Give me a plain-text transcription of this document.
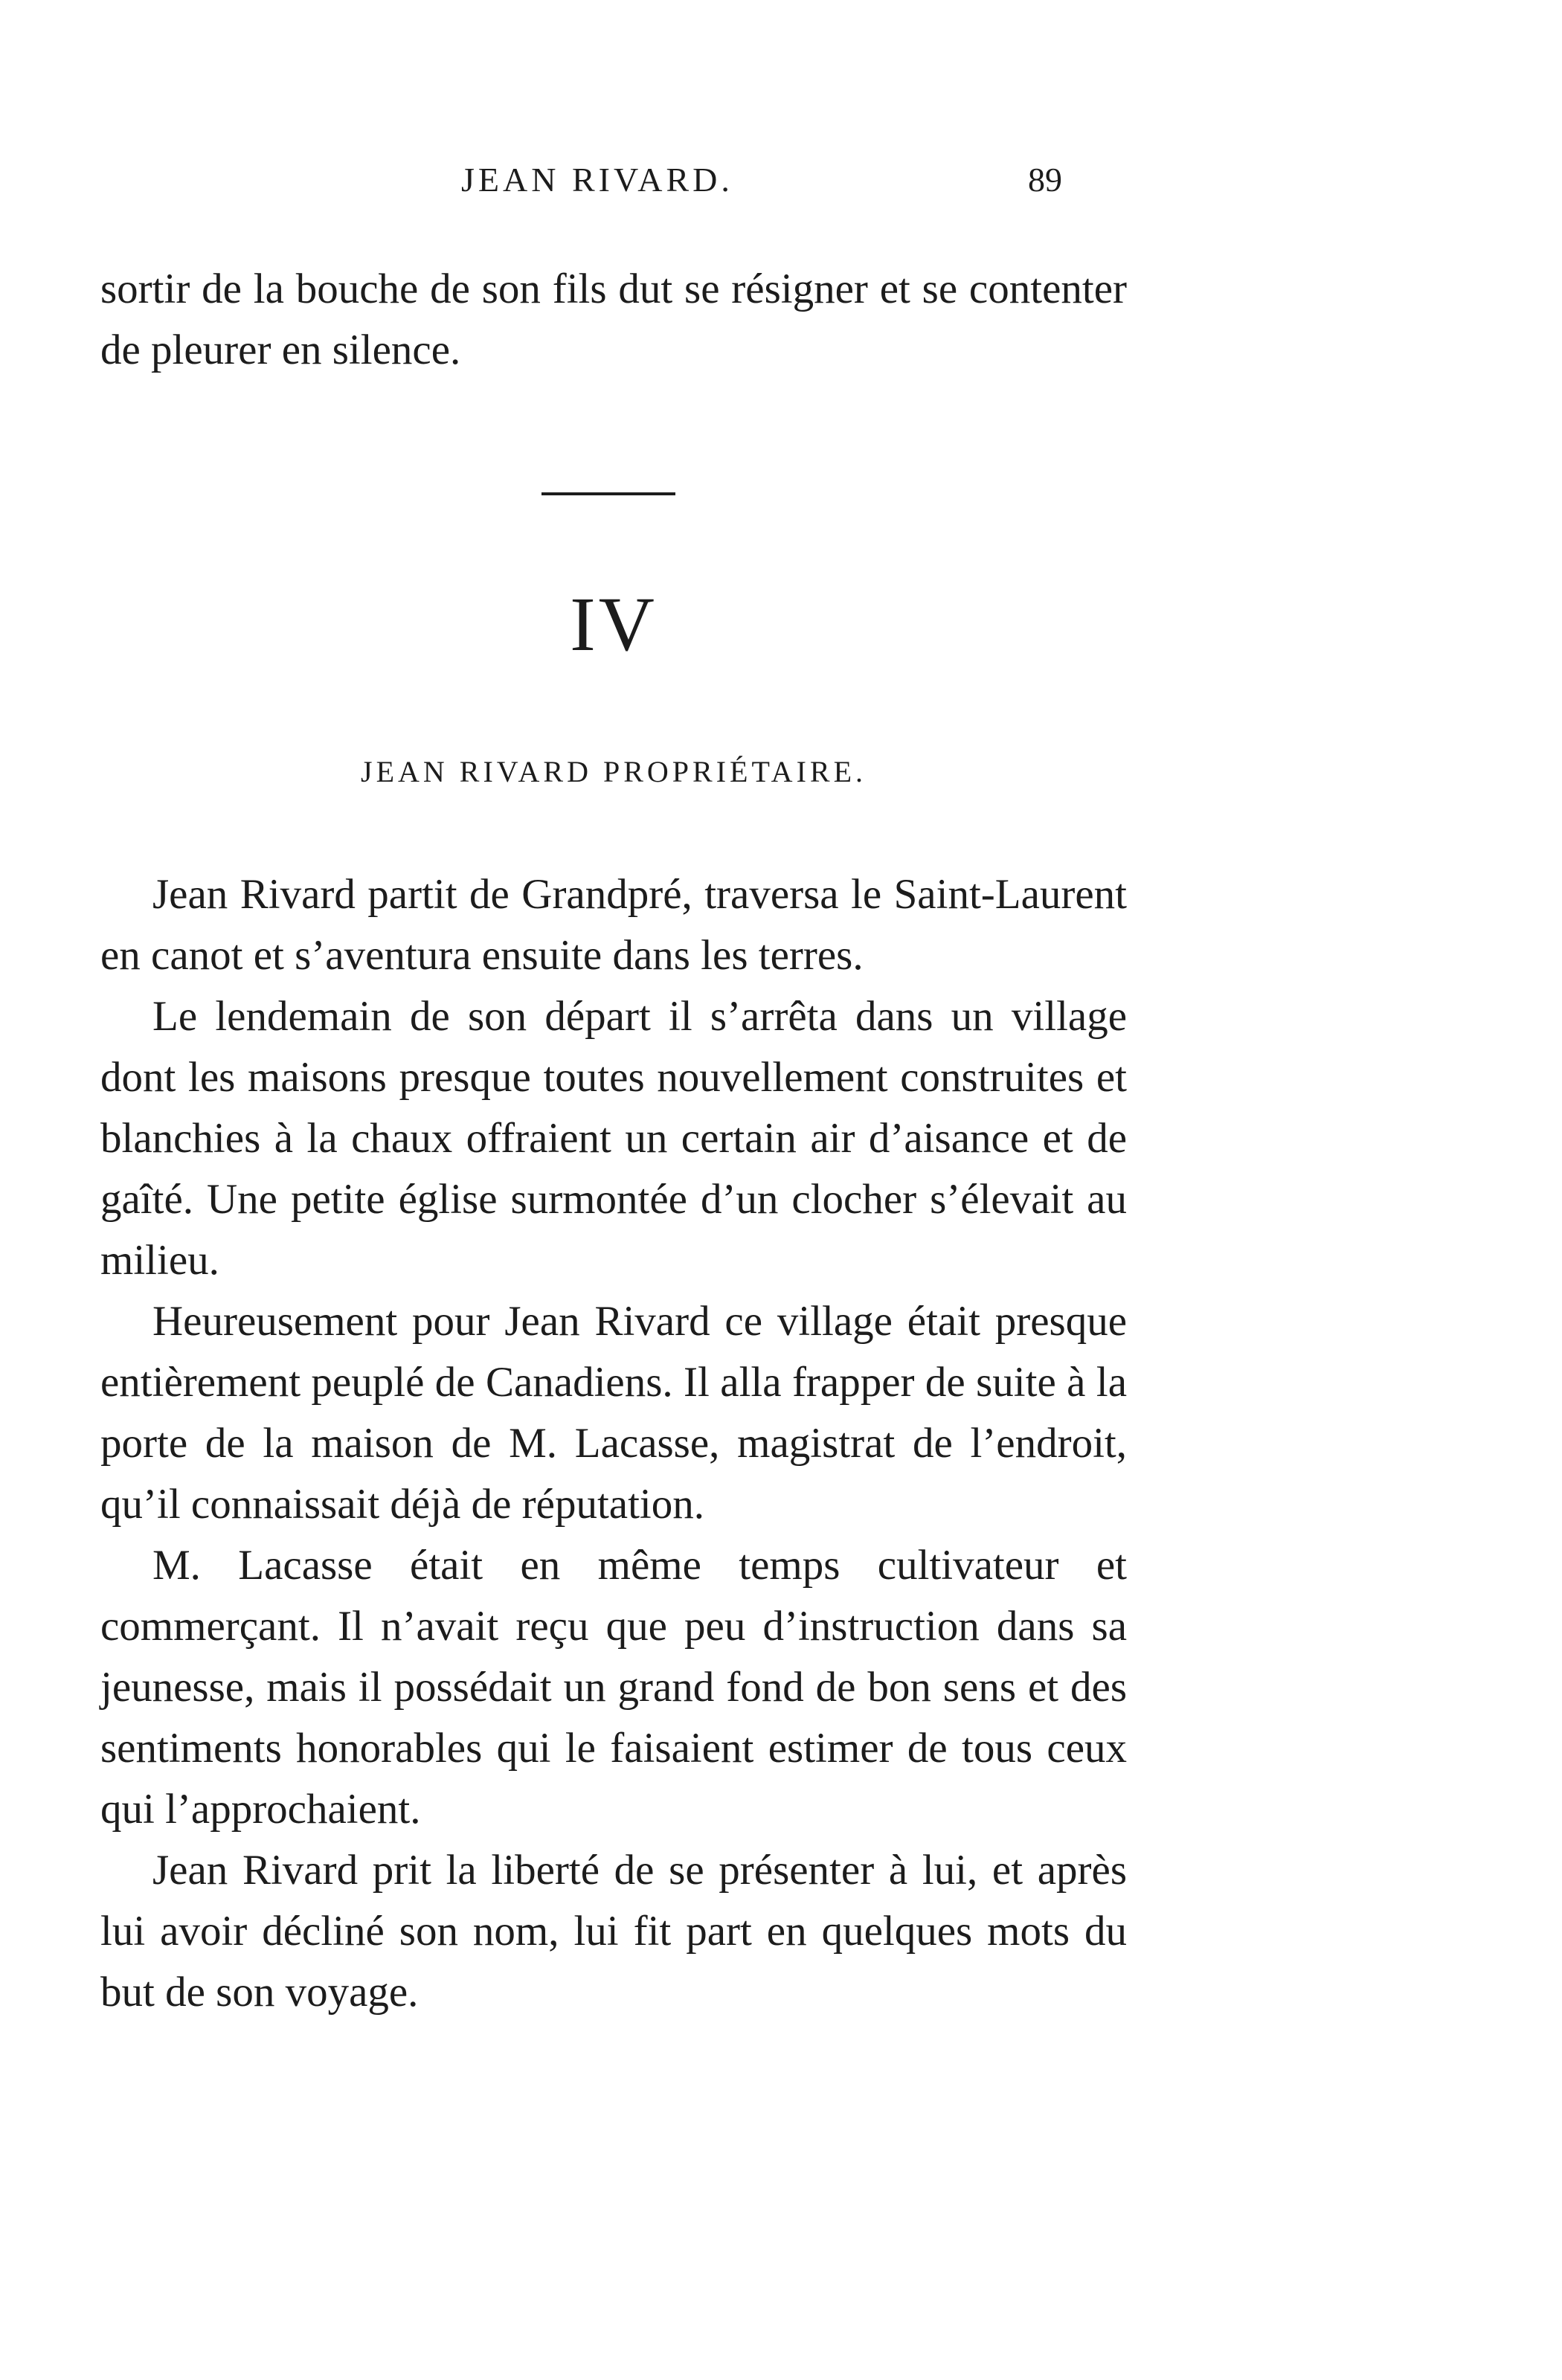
JEAN RIVARD.	89

sortir de la bouche de son fils dut se résigner et se contenter de pleurer en silence.

IV
JEAN RIVARD PROPRIÉTAIRE.

Jean Rivard partit de Grandpré, traversa le Saint-Laurent en canot et s’aventura ensuite dans les terres.

Le lendemain de son départ il s’arrêta dans un village dont les maisons presque toutes nouvellement construites et blanchies à la chaux offraient un certain air d’aisance et de gaîté. Une petite église surmontée d’un clocher s’élevait au milieu.

Heureusement pour Jean Rivard ce village était presque entièrement peuplé de Canadiens. Il alla frapper de suite à la porte de la maison de M. Lacasse, magistrat de l’endroit, qu’il connaissait déjà de réputation.

M. Lacasse était en même temps cultivateur et commerçant. Il n’avait reçu que peu d’instruction dans sa jeunesse, mais il possédait un grand fond de bon sens et des sentiments honorables qui le faisaient estimer de tous ceux qui l’approchaient.

Jean Rivard prit la liberté de se présenter à lui, et après lui avoir décliné son nom, lui fit part en quelques mots du but de son voyage.
